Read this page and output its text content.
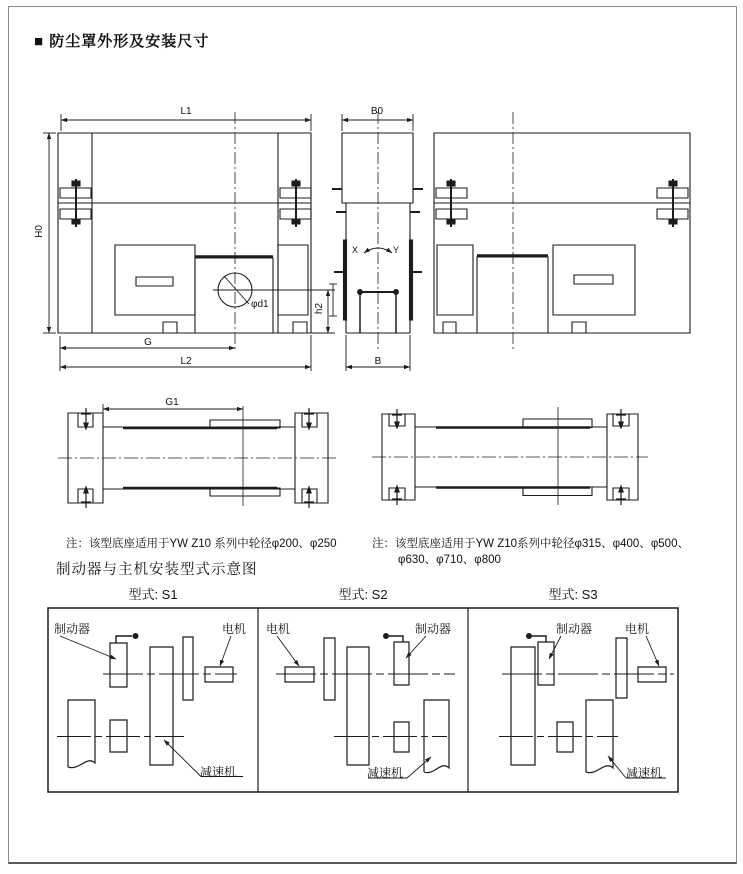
■ 防尘罩外形及安装尺寸
L1	B0
H0
G
L2
φd1	h2
B
X	Y
G1
注：该型底座适用于YW Z10 系列中轮径φ200、φ250	注：该型底座适用于YW Z10系列中轮径φ315、φ400、φ500、
φ630、φ710、φ800
制动器与主机安装型式示意图
型式: S1	型式: S2	型式: S3
制动器	电机
减速机
电机	制动器
减速机
制动器	电机
减速机
